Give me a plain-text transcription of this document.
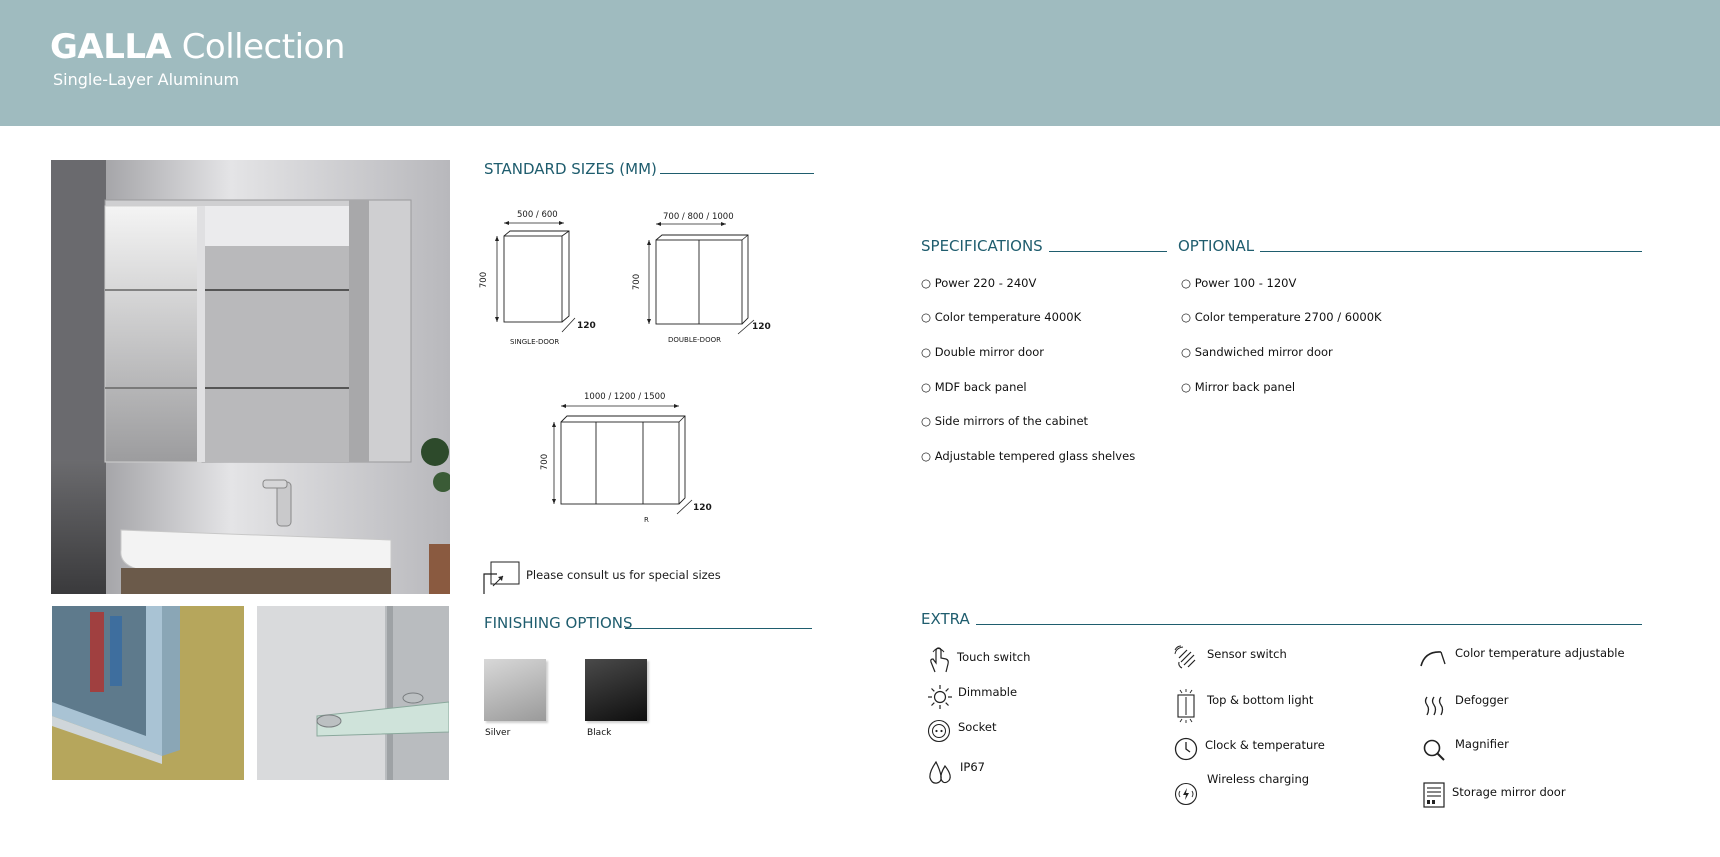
GALLA Collection
Single-Layer Aluminum
STANDARD SIZES (MM)
500 / 600
700
120
SINGLE-DOOR
700 / 800 / 1000
700
120
DOUBLE-DOOR
1000 / 1200 / 1500
700
120
R
Please consult us for special sizes
FINISHING OPTIONS
Silver	Black
SPECIFICATIONS
○ Power 220 - 240V
○ Color temperature 4000K
○ Double mirror door
○ MDF back panel
○ Side mirrors of the cabinet
○ Adjustable tempered glass shelves
OPTIONAL
○ Power 100 - 120V
○ Color temperature 2700 / 6000K
○ Sandwiched mirror door
○ Mirror back panel
EXTRA
Touch switch
Dimmable
Socket
IP67
Sensor switch
Top & bottom light
Clock & temperature
Wireless charging
Color temperature adjustable
Defogger
Magnifier
Storage mirror door
